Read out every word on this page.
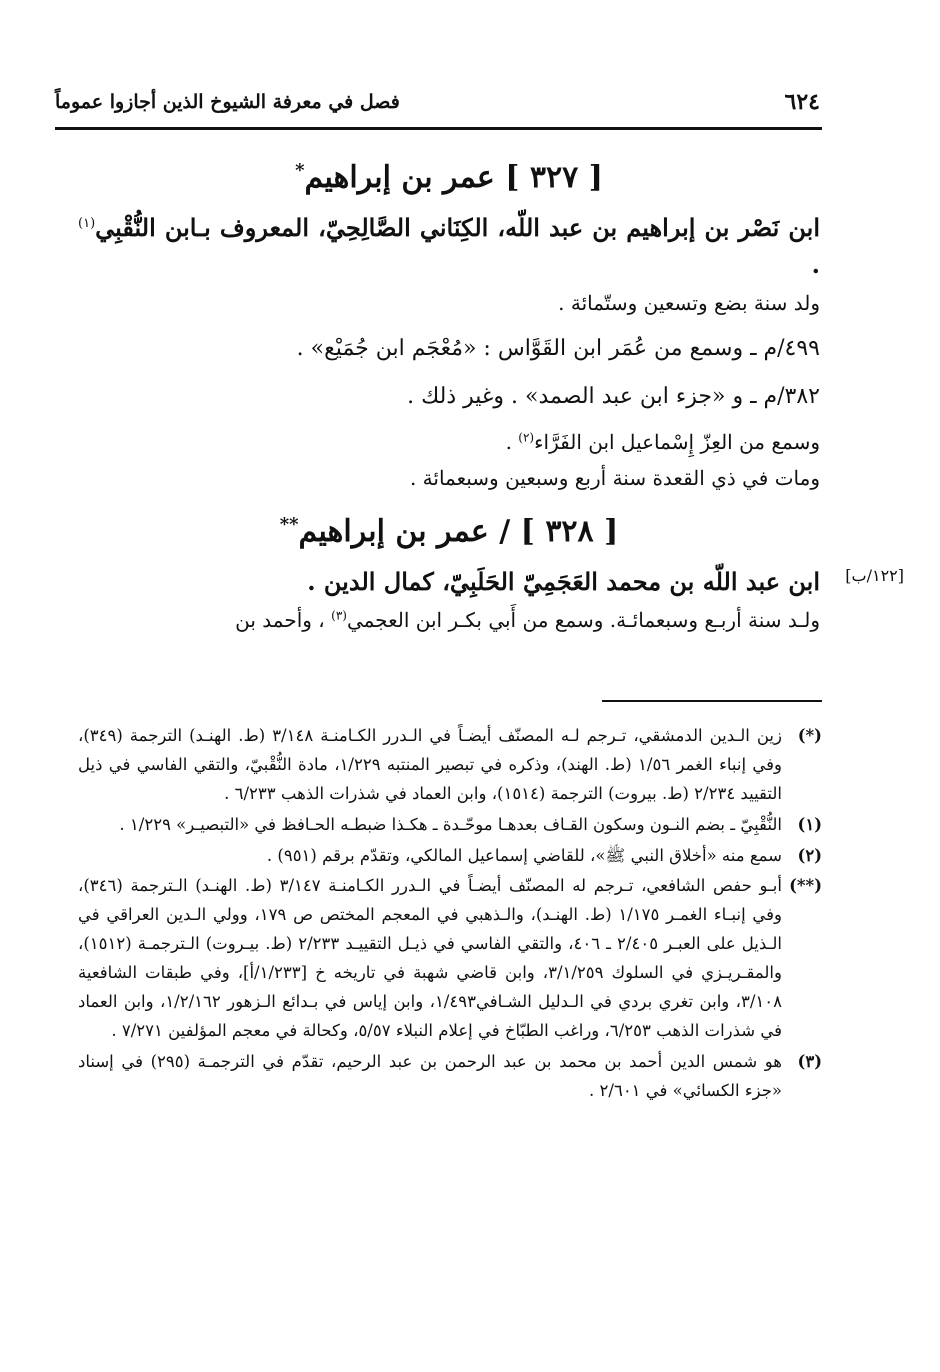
٦٢٤
فصل في معرفة الشيوخ الذين أجازوا عموماً
[ ٣٢٧ ] عمر بن إبراهيم*
ابن نَصْر بن إبراهيم بن عبد اللّه، الكِنَاني الصَّالِحِيّ، المعروف بـابن النُّقْبِي$^{(١)}$ .
ولد سنة بضع وتسعين وستّمائة .
٤٩٩/م ـ وسمع من عُمَر ابن القَوَّاس : «مُعْجَم ابن جُمَيْع» .
٣٨٢/م ـ و «جزء ابن عبد الصمد» . وغير ذلك .
وسمع من العِزّ إِسْماعيل ابن الفَرَّاء$^{(٢)}$ .
ومات في ذي القعدة سنة أربع وسبعين وسبعمائة .
[ ٣٢٨ ] / عمر بن إبراهيم**
ابن عبد اللّه بن محمد العَجَمِيّ الحَلَبِيّ، كمال الدين .
ولـد سنة أربـع وسبعمائـة. وسمع من أَبي بكـر ابن العجمي$^{(٣)}$ ، وأحمد بن
[١٢٢/ب]
(*)
زين الـدين الدمشقي، تـرجم لـه المصنّف أيضـاً في الـدرر الكـامنـة ٣/١٤٨ (ط. الهنـد) الترجمة (٣٤٩)، وفي إنباء الغمر ١/٥٦ (ط. الهند)، وذكره في تبصير المنتبه ١/٢٢٩، مادة النُّقْبيّ، والتقي الفاسي في ذيل التقييد ٢/٢٣٤ (ط. بيروت) الترجمة (١٥١٤)، وابن العماد في شذرات الذهب ٦/٢٣٣ .
(١)
النُّقْبِيّ ـ بضم النـون وسكون القـاف بعدهـا موحّـدة ـ هكـذا ضبطـه الحـافظ في «التبصيـر» ١/٢٢٩ .
(٢)
سمع منه «أخلاق النبي ﷺ»، للقاضي إسماعيل المالكي، وتقدّم برقم (٩٥١) .
(**)
أبـو حفص الشافعي، تـرجم له المصنّف أيضـاً في الـدرر الكـامنـة ٣/١٤٧ (ط. الهنـد) الـترجمة (٣٤٦)، وفي إنبـاء الغمـر ١/١٧٥ (ط. الهنـد)، والـذهبي في المعجم المختص ص ١٧٩، وولي الـدين العراقي في الـذيل على العبـر ٢/٤٠٥ ـ ٤٠٦، والتقي الفاسي في ذيـل التقييـد ٢/٢٣٣ (ط. بيـروت) الـترجمـة (١٥١٢)، والمقـريـزي في السلوك ٣/١/٢٥٩، وابن قاضي شهبة في تاريخه خ [١/٢٣٣/أ]، وفي طبقات الشافعية ٣/١٠٨، وابن تغري بردي في الـدليل الشـافي١/٤٩٣، وابن إياس في بـدائع الـزهور ١/٢/١٦٢، وابن العماد في شذرات الذهب ٦/٢٥٣، وراغب الطبّاخ في إعلام النبلاء ٥/٥٧، وكحالة في معجم المؤلفين ٧/٢٧١ .
(٣)
هو شمس الدين أحمد بن محمد بن عبد الرحمن بن عبد الرحيم، تقدّم في الترجمـة (٢٩٥) في إسناد «جزء الكسائي» في ٢/٦٠١ .
